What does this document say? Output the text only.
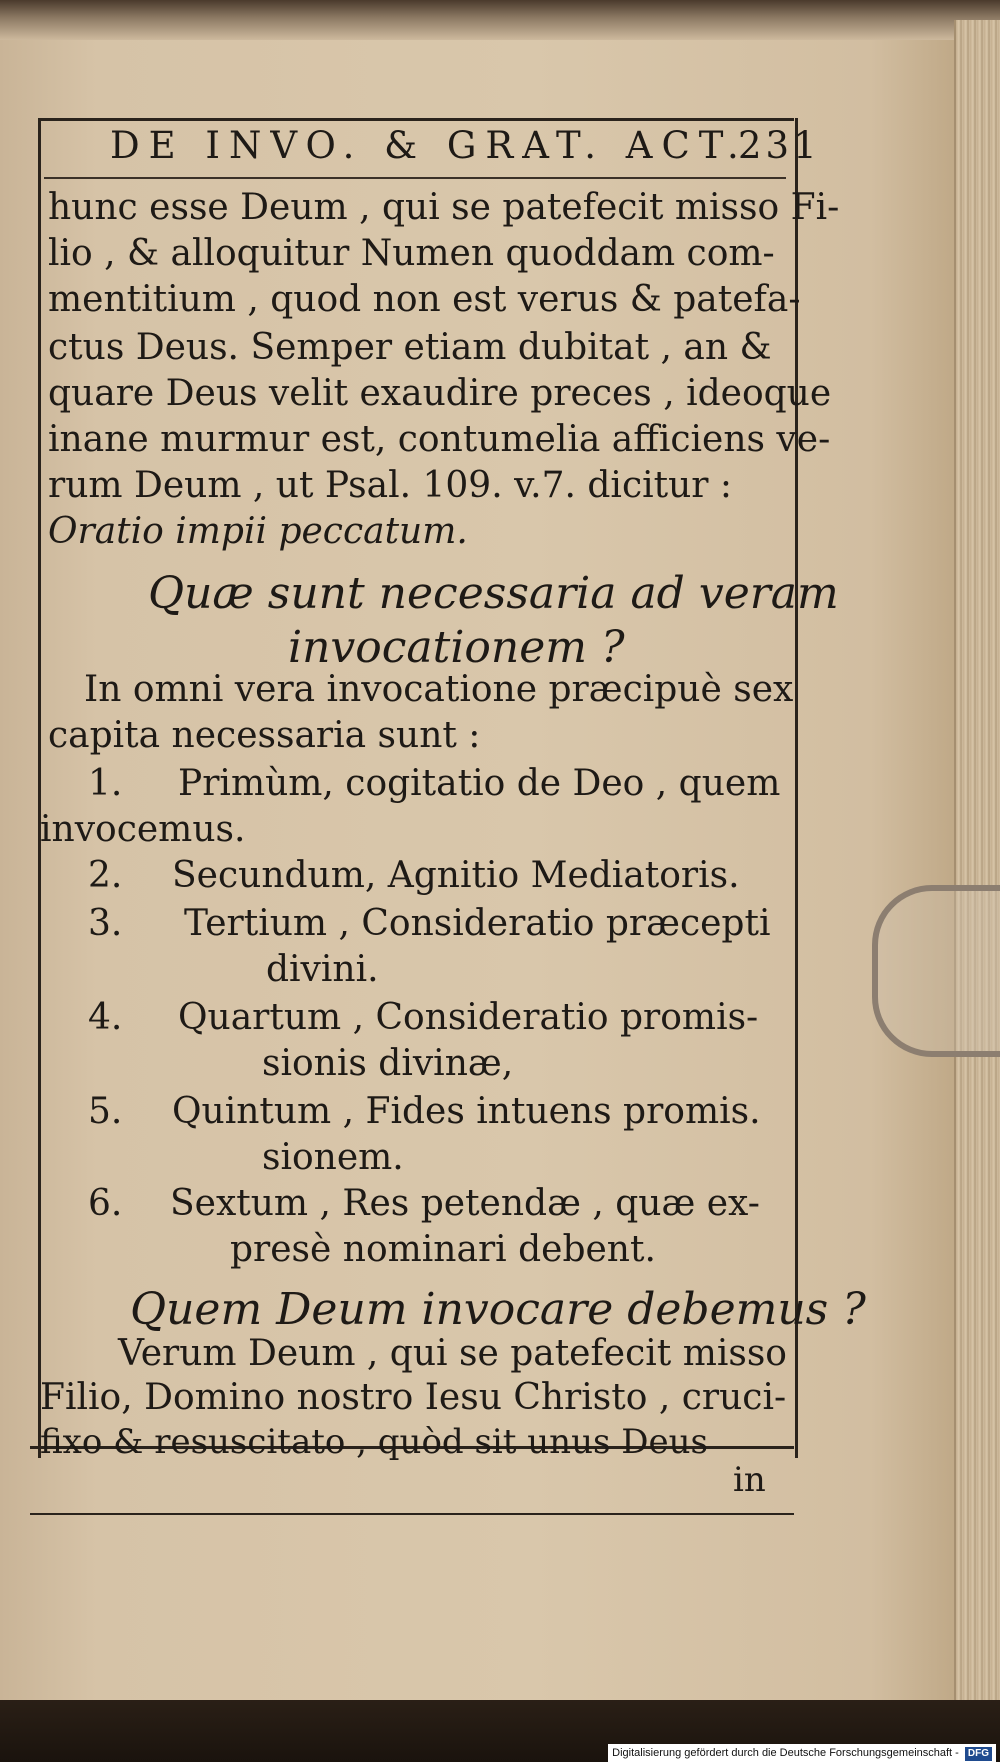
DE INVO. & GRAT. ACT.
231
hunc esse Deum , qui se patefecit misso Fi-
lio , & alloquitur Numen quoddam com-
mentitium , quod non est verus & patefa-
ctus Deus. Semper etiam dubitat , an &
quare Deus velit exaudire preces , ideoque
inane murmur est, contumelia afficiens ve-
rum Deum , ut Psal. 109. v.7. dicitur :
Oratio impii peccatum.
Quæ sunt necessaria ad veram
invocationem ?
In omni vera invocatione præcipuè sex
capita necessaria sunt :
1. Primùm, cogitatio de Deo , quem
invocemus.
2. Secundum, Agnitio Mediatoris.
3. Tertium , Consideratio præcepti
divini.
4. Quartum , Consideratio promis-
sionis divinæ,
5. Quintum , Fides intuens promis.
sionem.
6. Sextum , Res petendæ , quæ ex-
presè nominari debent.
Quem Deum invocare debemus ?
Verum Deum , qui se patefecit misso
Filio, Domino nostro Iesu Christo , cruci-
fixo & resuscitato , quòd sit unus Deus
in
Digitalisierung gefördert durch die Deutsche Forschungsgemeinschaft - DFG
